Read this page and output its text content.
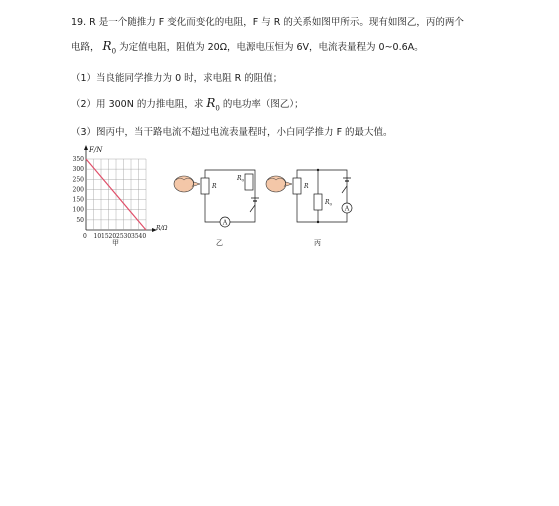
19. R 是一个随推力 F 变化而变化的电阻，F 与 R 的关系如图甲所示。现有如图乙，丙的两个
电路， $R_0$ 为定值电阻，阻值为 20Ω，电源电压恒为 6V，电流表量程为 0~0.6A。
（1）当良能同学推力为 0 时，求电阻 R 的阻值；
（2）用 300N 的力推电阻，求 $R_0$ 的电功率（图乙）；
（3）图丙中，当干路电流不超过电流表量程时，小白同学推力 F 的最大值。
F/N
R/Ω
50
100
150
200
250
300
350
0 10 15 20 25 30 35 40
R
$R_0$
A
R
$R_0$
A
甲	乙	丙
